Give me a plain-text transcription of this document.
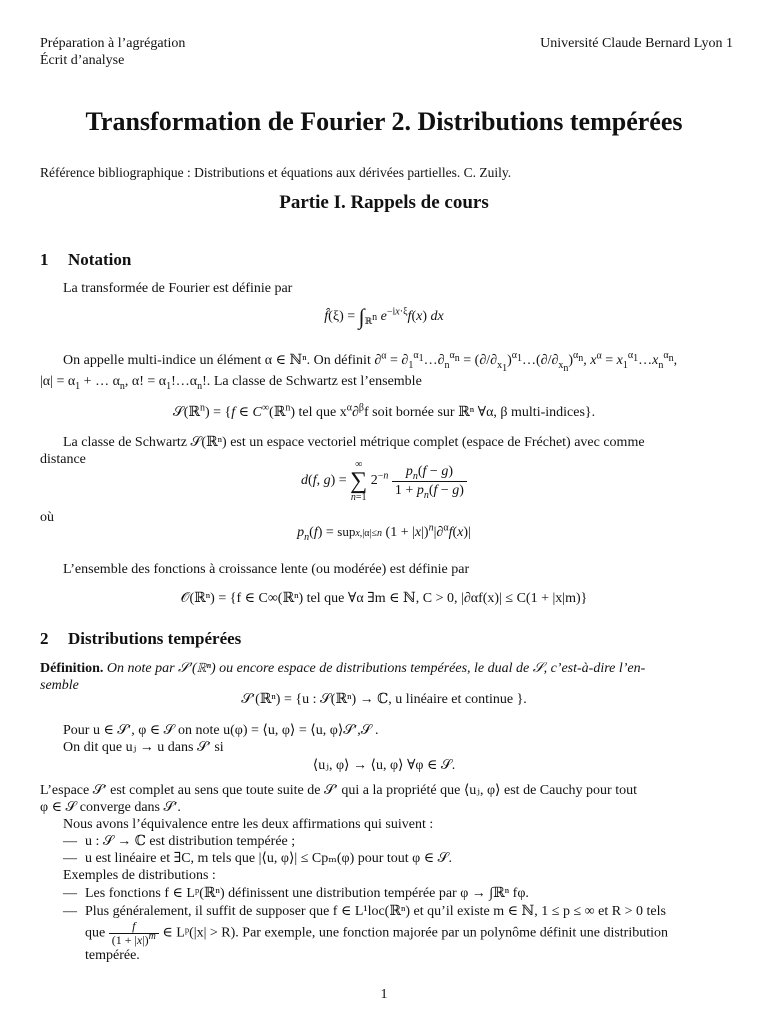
Préparation à l’agrégation
Écrit d’analyse
Université Claude Bernard Lyon 1
Transformation de Fourier 2. Distributions tempérées
Référence bibliographique : Distributions et équations aux dérivées partielles. C. Zuily.
Partie I. Rappels de cours
1 Notation
La transformée de Fourier est définie par
f̂(ξ) = $\int_{ℝ^n}$ $e^{-ix\cdot\xi}f(x)$ dx
On appelle multi-indice un élément α ∈ ℕⁿ. On définit $\partial^\alpha = \partial_1^{\alpha_1}\dots\partial_n^{\alpha_n}$ = $(\partial/\partial_{x_1})^{\alpha_1}\dots(\partial/\partial_{x_n})^{\alpha_n}$, $x^\alpha$ = $x_1^{\alpha_1}\dots x_n^{\alpha_n}$,
$|\alpha| = \alpha_1$ + … $\alpha_n$, α! = $\alpha_1!\dots\alpha_n$!. La classe de Schwartz est l’ensemble
𝒮(ℝ$^n$) = {f ∈ C∞(ℝ$^n$) tel que $x^\alpha\partial^\beta f$ soit bornée sur ℝⁿ ∀α, β multi-indices}.
La classe de Schwartz 𝒮(ℝⁿ) est un espace vectoriel métrique complet (espace de Fréchet) avec comme
distance
d(f, g) = ∞
∑
n=1 $2^{-n} \frac{p_n(f - g)}{1 + p_n(f - g)}$
où
$p_n(f)$ = supx,|α|≤n $(1 + |x|)^n|\partial^\alpha f(x)|$
L’ensemble des fonctions à croissance lente (ou modérée) est définie par
𝒪(ℝⁿ) = {f ∈ C∞(ℝⁿ) tel que ∀α ∃m ∈ ℕ, C > 0, |∂αf(x)| ≤ C(1 + |x|m)}
2 Distributions tempérées
Définition. On note par 𝒮′(ℝⁿ) ou encore espace de distributions tempérées, le dual de 𝒮, c’est-à-dire l’en-
semble
𝒮′(ℝⁿ) = {u : 𝒮(ℝⁿ) → ℂ, u linéaire et continue }.
Pour u ∈ 𝒮′, φ ∈ 𝒮 on note u(φ) = ⟨u, φ⟩ = ⟨u, φ⟩𝒮′,𝒮 .
On dit que uⱼ → u dans 𝒮′ si
⟨uⱼ, φ⟩ → ⟨u, φ⟩ ∀φ ∈ 𝒮.
L’espace 𝒮′ est complet au sens que toute suite de 𝒮′ qui a la propriété que ⟨uⱼ, φ⟩ est de Cauchy pour tout
φ ∈ 𝒮 converge dans 𝒮′.
Nous avons l’équivalence entre les deux affirmations qui suivent :
— u : 𝒮 → ℂ est distribution tempérée ;
— u est linéaire et ∃C, m tels que |⟨u, φ⟩| ≤ Cpₘ(φ) pour tout φ ∈ 𝒮.
Exemples de distributions :
— Les fonctions f ∈ Lᵖ(ℝⁿ) définissent une distribution tempérée par φ → ∫ℝⁿ fφ.
— Plus généralement, il suffit de supposer que f ∈ L¹loc(ℝⁿ) et qu’il existe m ∈ ℕ, 1 ≤ p ≤ ∞ et R > 0 tels
que $\frac{f}{(1 + |x|)^m}$ ∈ Lᵖ(|x| > R). Par exemple, une fonction majorée par un polynôme définit une distribution
tempérée.
1
